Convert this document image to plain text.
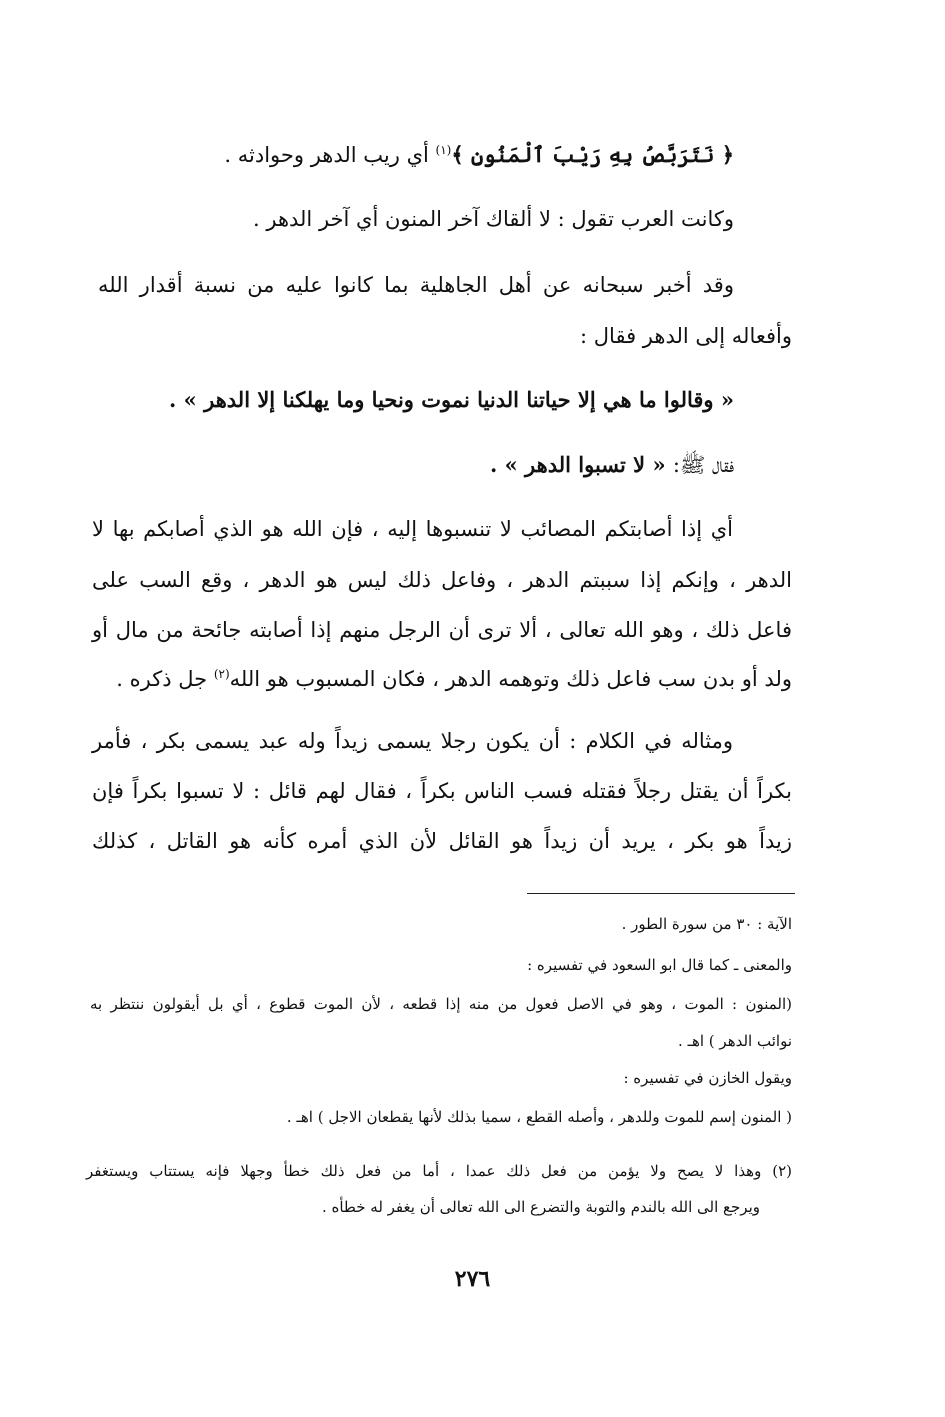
﴿ نَتَرَبَّصُ بِهِ رَيْبَ ٱلْمَنُونِ ﴾$^{(١)}$ أي ريب الدهر وحوادثه .
وكانت العرب تقول : لا ألقاك آخر المنون أي آخر الدهر .
وقد أخبر سبحانه عن أهل الجاهلية بما كانوا عليه من نسبة أقدار الله
وأفعاله إلى الدهر فقال :
« وقالوا ما هي إلا حياتنا الدنيا نموت ونحيا وما يهلكنا إلا الدهر » .
فقال ﷺ: « لا تسبوا الدهر » .
أي إذا أصابتكم المصائب لا تنسبوها إليه ، فإن الله هو الذي أصابكم بها لا
الدهر ، وإنكم إذا سببتم الدهر ، وفاعل ذلك ليس هو الدهر ، وقع السب على
فاعل ذلك ، وهو الله تعالى ، ألا ترى أن الرجل منهم إذا أصابته جائحة من مال أو
ولد أو بدن سب فاعل ذلك وتوهمه الدهر ، فكان المسبوب هو الله$^{(٢)}$ جل ذكره .
ومثاله في الكلام : أن يكون رجلا يسمى زيداً وله عبد يسمى بكر ، فأمر
بكراً أن يقتل رجلاً فقتله فسب الناس بكراً ، فقال لهم قائل : لا تسبوا بكراً فإن
زيداً هو بكر ، يريد أن زيداً هو القائل لأن الذي أمره كأنه هو القاتل ، كذلك
الآية : ٣٠ من سورة الطور .
والمعنى ـ كما قال ابو السعود في تفسيره :
(المنون : الموت ، وهو في الاصل فعول من منه إذا قطعه ، لأن الموت قطوع ، أي بل أيقولون ننتظر به
نوائب الدهر ) اهـ .
ويقول الخازن في تفسيره :
( المنون إسم للموت وللدهر ، وأصله القطع ، سميا بذلك لأنها يقطعان الاجل ) اهـ .
(٢) وهذا لا يصح ولا يؤمن من فعل ذلك عمدا ، أما من فعل ذلك خطأ وجهلا فإنه يستتاب ويستغفر
ويرجع الى الله بالندم والتوبة والتضرع الى الله تعالى أن يغفر له خطأه .
٢٧٦
